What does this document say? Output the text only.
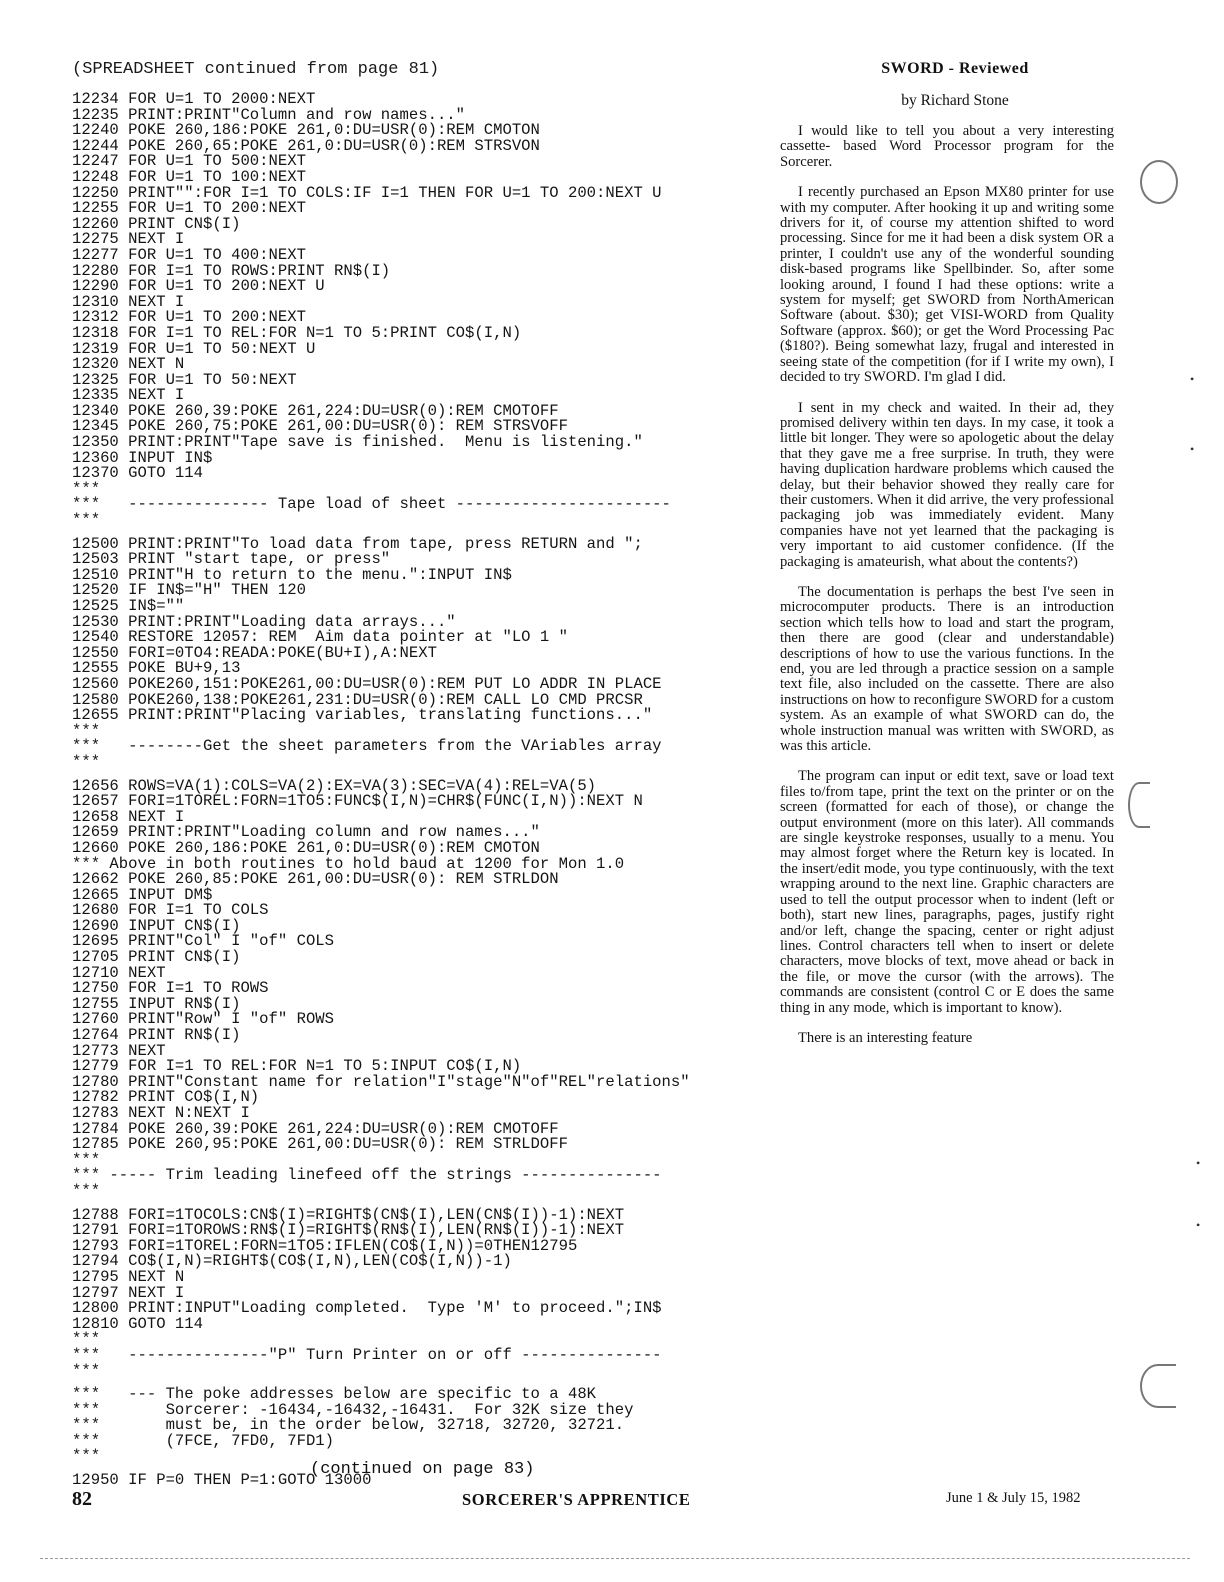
(SPREADSHEET continued from page 81)
12234 FOR U=1 TO 2000:NEXT
12235 PRINT:PRINT"Column and row names..."
12240 POKE 260,186:POKE 261,0:DU=USR(0):REM CMOTON
12244 POKE 260,65:POKE 261,0:DU=USR(0):REM STRSVON
12247 FOR U=1 TO 500:NEXT
12248 FOR U=1 TO 100:NEXT
12250 PRINT"":FOR I=1 TO COLS:IF I=1 THEN FOR U=1 TO 200:NEXT U
12255 FOR U=1 TO 200:NEXT
12260 PRINT CN$(I)
12275 NEXT I
12277 FOR U=1 TO 400:NEXT
12280 FOR I=1 TO ROWS:PRINT RN$(I)
12290 FOR U=1 TO 200:NEXT U
12310 NEXT I
12312 FOR U=1 TO 200:NEXT
12318 FOR I=1 TO REL:FOR N=1 TO 5:PRINT CO$(I,N)
12319 FOR U=1 TO 50:NEXT U
12320 NEXT N
12325 FOR U=1 TO 50:NEXT
12335 NEXT I
12340 POKE 260,39:POKE 261,224:DU=USR(0):REM CMOTOFF
12345 POKE 260,75:POKE 261,00:DU=USR(0): REM STRSVOFF
12350 PRINT:PRINT"Tape save is finished.  Menu is listening."
12360 INPUT IN$
12370 GOTO 114
***
***   --------------- Tape load of sheet -----------------------
***
12500 PRINT:PRINT"To load data from tape, press RETURN and ";
12503 PRINT "start tape, or press"
12510 PRINT"H to return to the menu.":INPUT IN$
12520 IF IN$="H" THEN 120
12525 IN$=""
12530 PRINT:PRINT"Loading data arrays..."
12540 RESTORE 12057: REM  Aim data pointer at "LO 1 "
12550 FORI=0TO4:READA:POKE(BU+I),A:NEXT
12555 POKE BU+9,13
12560 POKE260,151:POKE261,00:DU=USR(0):REM PUT LO ADDR IN PLACE
12580 POKE260,138:POKE261,231:DU=USR(0):REM CALL LO CMD PRCSR
12655 PRINT:PRINT"Placing variables, translating functions..."
***
***   --------Get the sheet parameters from the VAriables array
***
12656 ROWS=VA(1):COLS=VA(2):EX=VA(3):SEC=VA(4):REL=VA(5)
12657 FORI=1TOREL:FORN=1TO5:FUNC$(I,N)=CHR$(FUNC(I,N)):NEXT N
12658 NEXT I
12659 PRINT:PRINT"Loading column and row names..."
12660 POKE 260,186:POKE 261,0:DU=USR(0):REM CMOTON
*** Above in both routines to hold baud at 1200 for Mon 1.0
12662 POKE 260,85:POKE 261,00:DU=USR(0): REM STRLDON
12665 INPUT DM$
12680 FOR I=1 TO COLS
12690 INPUT CN$(I)
12695 PRINT"Col" I "of" COLS
12705 PRINT CN$(I)
12710 NEXT
12750 FOR I=1 TO ROWS
12755 INPUT RN$(I)
12760 PRINT"Row" I "of" ROWS
12764 PRINT RN$(I)
12773 NEXT
12779 FOR I=1 TO REL:FOR N=1 TO 5:INPUT CO$(I,N)
12780 PRINT"Constant name for relation"I"stage"N"of"REL"relations"
12782 PRINT CO$(I,N)
12783 NEXT N:NEXT I
12784 POKE 260,39:POKE 261,224:DU=USR(0):REM CMOTOFF
12785 POKE 260,95:POKE 261,00:DU=USR(0): REM STRLDOFF
***
*** ----- Trim leading linefeed off the strings ---------------
***
12788 FORI=1TOCOLS:CN$(I)=RIGHT$(CN$(I),LEN(CN$(I))-1):NEXT
12791 FORI=1TOROWS:RN$(I)=RIGHT$(RN$(I),LEN(RN$(I))-1):NEXT
12793 FORI=1TOREL:FORN=1TO5:IFLEN(CO$(I,N))=0THEN12795
12794 CO$(I,N)=RIGHT$(CO$(I,N),LEN(CO$(I,N))-1)
12795 NEXT N
12797 NEXT I
12800 PRINT:INPUT"Loading completed.  Type 'M' to proceed.";IN$
12810 GOTO 114
***
***   ---------------"P" Turn Printer on or off ---------------
***
***   --- The poke addresses below are specific to a 48K
***       Sorcerer: -16434,-16432,-16431.  For 32K size they
***       must be, in the order below, 32718, 32720, 32721.
***       (7FCE, 7FD0, 7FD1)
***
12950 IF P=0 THEN P=1:GOTO 13000
(continued on page 83)
SWORD - Reviewed
by Richard Stone

I would like to tell you about a very interesting cassette- based Word Processor program for the Sorcerer.

I recently purchased an Epson MX80 printer for use with my computer. After hooking it up and writing some drivers for it, of course my attention shifted to word processing. Since for me it had been a disk system OR a printer, I couldn't use any of the wonderful sounding disk-based programs like Spellbinder. So, after some looking around, I found I had these options: write a system for myself; get SWORD from NorthAmerican Software (about. $30); get VISI-WORD from Quality Software (approx. $60); or get the Word Processing Pac ($180?). Being somewhat lazy, frugal and interested in seeing state of the competition (for if I write my own), I decided to try SWORD. I'm glad I did.

I sent in my check and waited. In their ad, they promised delivery within ten days. In my case, it took a little bit longer. They were so apologetic about the delay that they gave me a free surprise. In truth, they were having duplication hardware problems which caused the delay, but their behavior showed they really care for their customers. When it did arrive, the very professional packaging job was immediately evident. Many companies have not yet learned that the packaging is very important to aid customer confidence. (If the packaging is amateurish, what about the contents?)

The documentation is perhaps the best I've seen in microcomputer products. There is an introduction section which tells how to load and start the program, then there are good (clear and understandable) descriptions of how to use the various functions. In the end, you are led through a practice session on a sample text file, also included on the cassette. There are also instructions on how to reconfigure SWORD for a custom system. As an example of what SWORD can do, the whole instruction manual was written with SWORD, as was this article.

The program can input or edit text, save or load text files to/from tape, print the text on the printer or on the screen (formatted for each of those), or change the output environment (more on this later). All commands are single keystroke responses, usually to a menu. You may almost forget where the Return key is located. In the insert/edit mode, you type continuously, with the text wrapping around to the next line. Graphic characters are used to tell the output processor when to indent (left or both), start new lines, paragraphs, pages, justify right and/or left, change the spacing, center or right adjust lines. Control characters tell when to insert or delete characters, move blocks of text, move ahead or back in the file, or move the cursor (with the arrows). The commands are consistent (control C or E does the same thing in any mode, which is important to know).

There is an interesting feature

82	SORCERER'S APPRENTICE	June 1 & July 15, 1982
•
•
•
•
